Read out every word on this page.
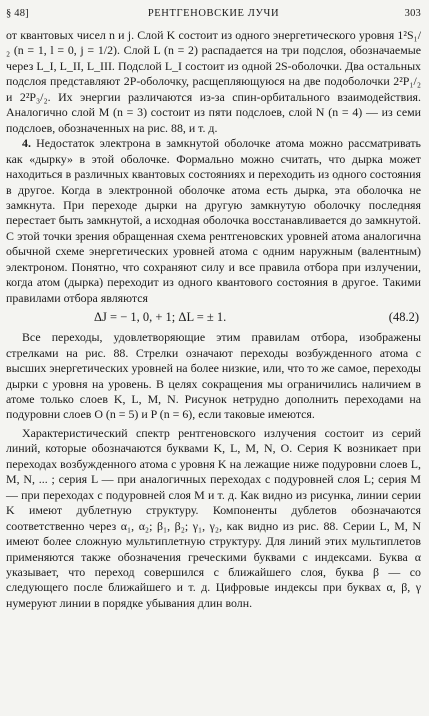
§ 48]	РЕНТГЕНОВСКИЕ ЛУЧИ	303

от квантовых чисел n и j. Слой K состоит из одного энергетического уровня 1²S₁/₂ (n = 1, l = 0, j = 1/2). Слой L (n = 2) распадается на три подслоя, обозначаемые через L_I, L_II, L_III. Подслой L_I состоит из одной 2S-оболочки. Два остальных подслоя представляют 2P-оболочку, расщепляющуюся на две подоболочки 2²P₁/₂ и 2²P₃/₂. Их энергии различаются из-за спин-орбитального взаимодействия. Аналогично слой M (n = 3) состоит из пяти подслоев, слой N (n = 4) — из семи подслоев, обозначенных на рис. 88, и т. д.

4. Недостаток электрона в замкнутой оболочке атома можно рассматривать как «дырку» в этой оболочке. Формально можно считать, что дырка может находиться в различных квантовых состояниях и переходить из одного состояния в другое. Когда в электронной оболочке атома есть дырка, эта оболочка не замкнута. При переходе дырки на другую замкнутую оболочку последняя перестает быть замкнутой, а исходная оболочка восстанавливается до замкнутой. С этой точки зрения обращенная схема рентгеновских уровней атома аналогична обычной схеме энергетических уровней атома с одним наружным (валентным) электроном. Понятно, что сохраняют силу и все правила отбора при излучении, когда атом (дырка) переходит из одного квантового состояния в другое. Такими правилами отбора являются

ΔJ = − 1, 0, + 1; ΔL = ± 1.	(48.2)

Все переходы, удовлетворяющие этим правилам отбора, изображены стрелками на рис. 88. Стрелки означают переходы возбужденного атома с высших энергетических уровней на более низкие, или, что то же самое, переходы дырки с уровня на уровень. В целях сокращения мы ограничились наличием в атоме только слоев K, L, M, N. Рисунок нетрудно дополнить переходами на подуровни слоев O (n = 5) и P (n = 6), если таковые имеются.

Характеристический спектр рентгеновского излучения состоит из серий линий, которые обозначаются буквами K, L, M, N, O. Серия K возникает при переходах возбужденного атома с уровня K на лежащие ниже подуровни слоев L, M, N, ... ; серия L — при аналогичных переходах с подуровней слоя L; серия M — при переходах с подуровней слоя M и т. д. Как видно из рисунка, линии серии K имеют дублетную структуру. Компоненты дублетов обозначаются соответственно через α₁, α₂; β₁, β₂; γ₁, γ₂, как видно из рис. 88. Серии L, M, N имеют более сложную мультиплетную структуру. Для линий этих мультиплетов применяются также обозначения греческими буквами с индексами. Буква α указывает, что переход совершился с ближайшего слоя, буква β — со следующего после ближайшего и т. д. Цифровые индексы при буквах α, β, γ нумеруют линии в порядке убывания длин волн.
